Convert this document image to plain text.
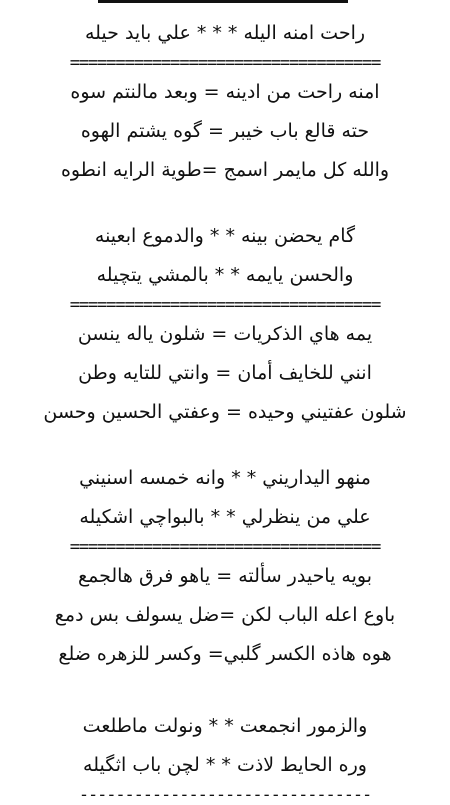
راحت امنه اليله * * * علي بايد حيله
==================================
امنه راحت من ادينه = وبعد مالنتم سوه
حته قالع باب خيبر = گوه يشتم الهوه
والله كل مايمر اسمج =طوية الرايه انطوه
گام يحضن بينه * * والدموع ابعينه
والحسن يايمه * * بالمشي يتچيله
==================================
يمه هاي الذكريات = شلون ياله ينسن
انني للخايف أمان = وانتي للتايه وطن
شلون عفتيني وحيده = وعفتي الحسين وحسن
منهو اليداريني * * وانه خمسه اسنيني
علي من ينظرلي * * بالبواچي اشكيله
==================================
بويه ياحيدر سألته = ياهو فرق هالجمع
باوع اعله الباب لكن =ضل يسولف بس دمع
هوه هاذه الكسر گلبي= وكسر للزهره ضلع
والزمور انجمعت * * ونولت ماطلعت
وره الحايط لاذت * * لچن باب اثگيله
--------------------------------
